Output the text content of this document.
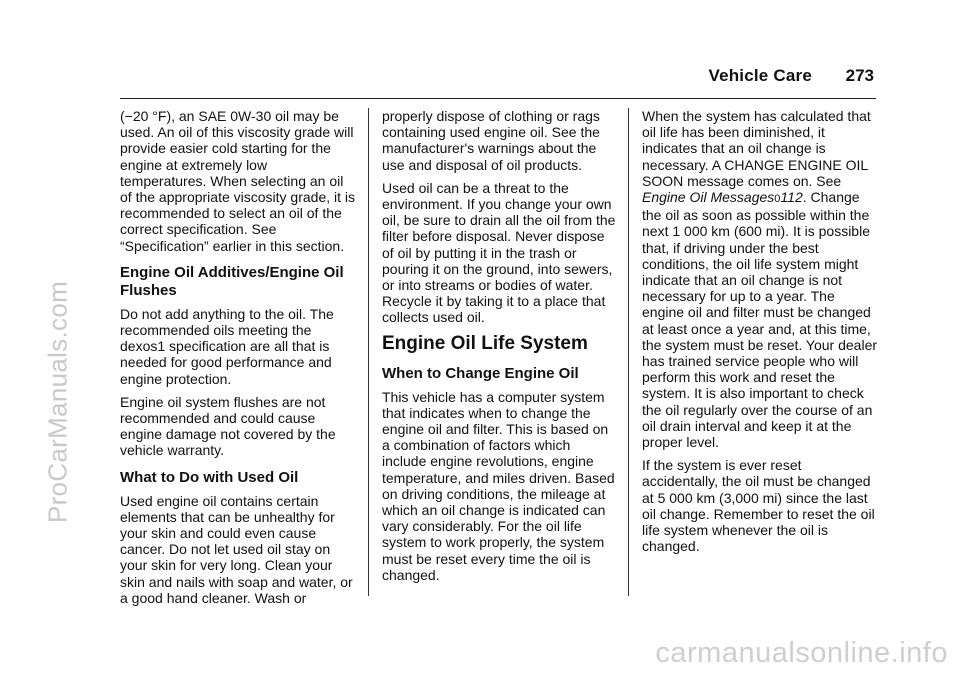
Vehicle Care 273
ProCarManuals.com

(−20 °F), an SAE 0W-30 oil may be used. An oil of this viscosity grade will provide easier cold starting for the engine at extremely low temperatures. When selecting an oil of the appropriate viscosity grade, it is recommended to select an oil of the correct specification. See “Specification” earlier in this section.

Engine Oil Additives/Engine Oil Flushes

Do not add anything to the oil. The recommended oils meeting the dexos1 specification are all that is needed for good performance and engine protection.

Engine oil system flushes are not recommended and could cause engine damage not covered by the vehicle warranty.

What to Do with Used Oil

Used engine oil contains certain elements that can be unhealthy for your skin and could even cause cancer. Do not let used oil stay on your skin for very long. Clean your skin and nails with soap and water, or a good hand cleaner. Wash or

properly dispose of clothing or rags containing used engine oil. See the manufacturer's warnings about the use and disposal of oil products.

Used oil can be a threat to the environment. If you change your own oil, be sure to drain all the oil from the filter before disposal. Never dispose of oil by putting it in the trash or pouring it on the ground, into sewers, or into streams or bodies of water. Recycle it by taking it to a place that collects used oil.

Engine Oil Life System
When to Change Engine Oil

This vehicle has a computer system that indicates when to change the engine oil and filter. This is based on a combination of factors which include engine revolutions, engine temperature, and miles driven. Based on driving conditions, the mileage at which an oil change is indicated can vary considerably. For the oil life system to work properly, the system must be reset every time the oil is changed.

When the system has calculated that oil life has been diminished, it indicates that an oil change is necessary. A CHANGE ENGINE OIL SOON message comes on. See Engine Oil Messages0112. Change the oil as soon as possible within the next 1 000 km (600 mi). It is possible that, if driving under the best conditions, the oil life system might indicate that an oil change is not necessary for up to a year. The engine oil and filter must be changed at least once a year and, at this time, the system must be reset. Your dealer has trained service people who will perform this work and reset the system. It is also important to check the oil regularly over the course of an oil drain interval and keep it at the proper level.

If the system is ever reset accidentally, the oil must be changed at 5 000 km (3,000 mi) since the last oil change. Remember to reset the oil life system whenever the oil is changed.

carmanualsonline.info
